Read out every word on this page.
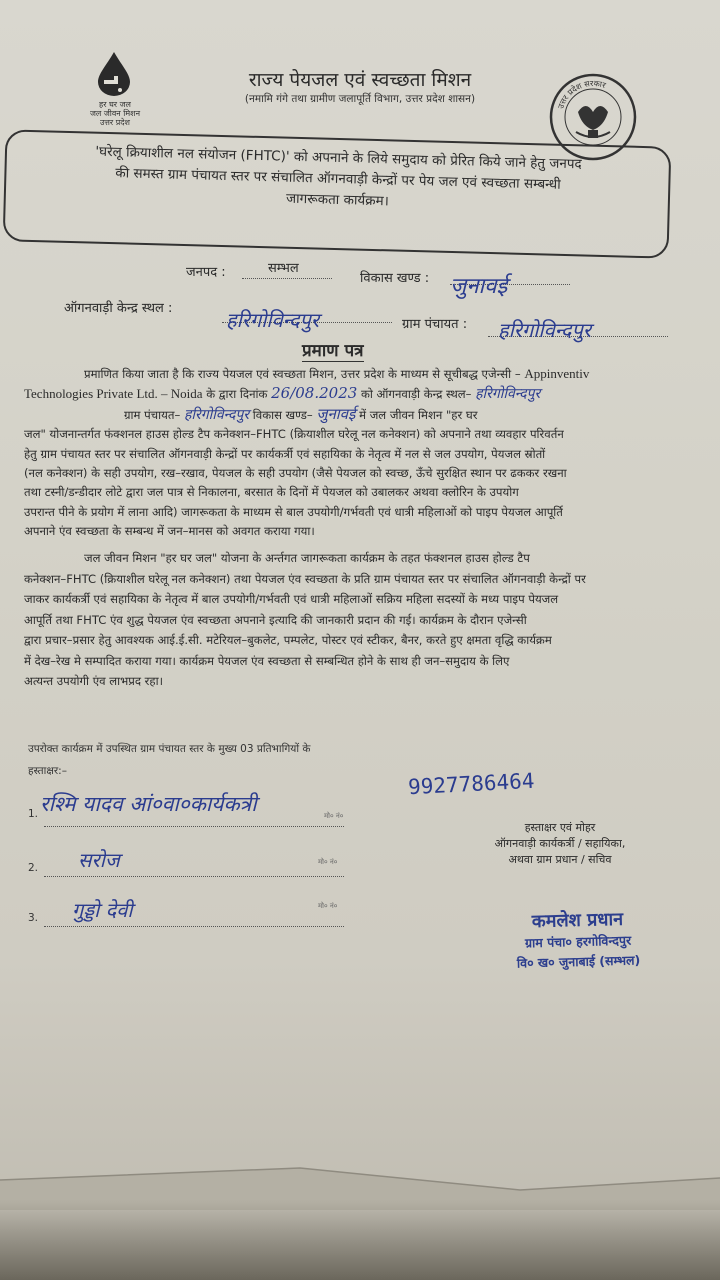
हर घर जल
जल जीवन मिशन
उत्तर प्रदेश
राज्य पेयजल एवं स्वच्छता मिशन
(नमामि गंगे तथा ग्रामीण जलापूर्ति विभाग, उत्तर प्रदेश शासन)
उत्तर प्रदेश सरकार
'घरेलू क्रियाशील नल संयोजन (FHTC)' को अपनाने के लिये समुदाय को प्रेरित किये जाने हेतु जनपद
की समस्त ग्राम पंचायत स्तर पर संचालित ऑगनवाड़ी केन्द्रों पर पेय जल एवं स्वच्छता सम्बन्धी
जागरूकता कार्यक्रम।
जनपद :	सम्भल
विकास खण्ड : जुनावई
ऑगनवाड़ी केन्द्र स्थल :	हरिगोविन्दपुर	ग्राम पंचायत : हरिगोविन्दपुर
प्रमाण पत्र
प्रमाणित किया जाता है कि राज्य पेयजल एवं स्वच्छता मिशन, उत्तर प्रदेश के माध्यम से सूचीबद्ध एजेन्सी – Appinventiv
Technologies Private Ltd. – Noida के द्वारा दिनांक 26/08.2023 को ऑगनवाड़ी केन्द्र स्थल– हरिगोविन्दपुर
ग्राम पंचायत– हरिगोविन्दपुर विकास खण्ड– जुनावई में जल जीवन मिशन "हर घर
जल" योजनान्तर्गत फंक्शनल हाउस होल्ड टैप कनेक्शन–FHTC (क्रियाशील घरेलू नल कनेक्शन) को अपनाने तथा व्यवहार परिवर्तन
हेतु ग्राम पंचायत स्तर पर संचालित ऑगनवाड़ी केन्द्रों पर कार्यकर्त्री एवं सहायिका के नेतृत्व में नल से जल उपयोग, पेयजल स्रोतों
(नल कनेक्शन) के सही उपयोग, रख–रखाव, पेयजल के सही उपयोग (जैसे पेयजल को स्वच्छ, ऊँचे सुरक्षित स्थान पर ढककर रखना
तथा टस्नी/डन्डीदार लोटे द्वारा जल पात्र से निकालना, बरसात के दिनों में पेयजल को उबालकर अथवा क्लोरिन के उपयोग
उपरान्त पीने के प्रयोग में लाना आदि) जागरूकता के माध्यम से बाल उपयोगी/गर्भवती एवं धात्री महिलाओं को पाइप पेयजल आपूर्ति
अपनाने एंव स्वच्छता के सम्बन्ध में जन–मानस को अवगत कराया गया।
जल जीवन मिशन "हर घर जल" योजना के अर्न्तगत जागरूकता कार्यक्रम के तहत फंक्शनल हाउस होल्ड टैप
कनेक्शन–FHTC (क्रियाशील घरेलू नल कनेक्शन) तथा पेयजल एंव स्वच्छता के प्रति ग्राम पंचायत स्तर पर संचालित ऑगनवाड़ी केन्द्रों पर
जाकर कार्यकर्त्री एवं सहायिका के नेतृत्व में बाल उपयोगी/गर्भवती एवं धात्री महिलाओं सक्रिय महिला सदस्यों के मध्य पाइप पेयजल
आपूर्ति तथा FHTC एंव शुद्ध पेयजल एंव स्वच्छता अपनाने इत्यादि की जानकारी प्रदान की गई। कार्यक्रम के दौरान एजेन्सी
द्वारा प्रचार–प्रसार हेतु आवश्यक आई.ई.सी. मटेरियल–बुकलेट, पम्पलेट, पोस्टर एवं स्टीकर, बैनर, करते हुए क्षमता वृद्धि कार्यक्रम
में देख–रेख मे सम्पादित कराया गया। कार्यक्रम पेयजल एंव स्वच्छता से सम्बन्धित होने के साथ ही जन–समुदाय के लिए
अत्यन्त उपयोगी एंव लाभप्रद रहा।
उपरोक्त कार्यक्रम में उपस्थित ग्राम पंचायत स्तर के मुख्य 03 प्रतिभागियों के
हस्ताक्षर:–
1. रश्मि यादव आं०वा०कार्यकत्री
9927786464
मो० नं०
2. सरोज	मो० नं०
3. गुड्डो देवी	मो० नं०
हस्ताक्षर एवं मोहर
ऑगनवाड़ी कार्यकर्त्री / सहायिका,
अथवा ग्राम प्रधान / सचिव
कमलेश प्रधान
ग्राम पंचा० हरगोविन्दपुर
वि० ख० जुनाबाई (सम्भल)
